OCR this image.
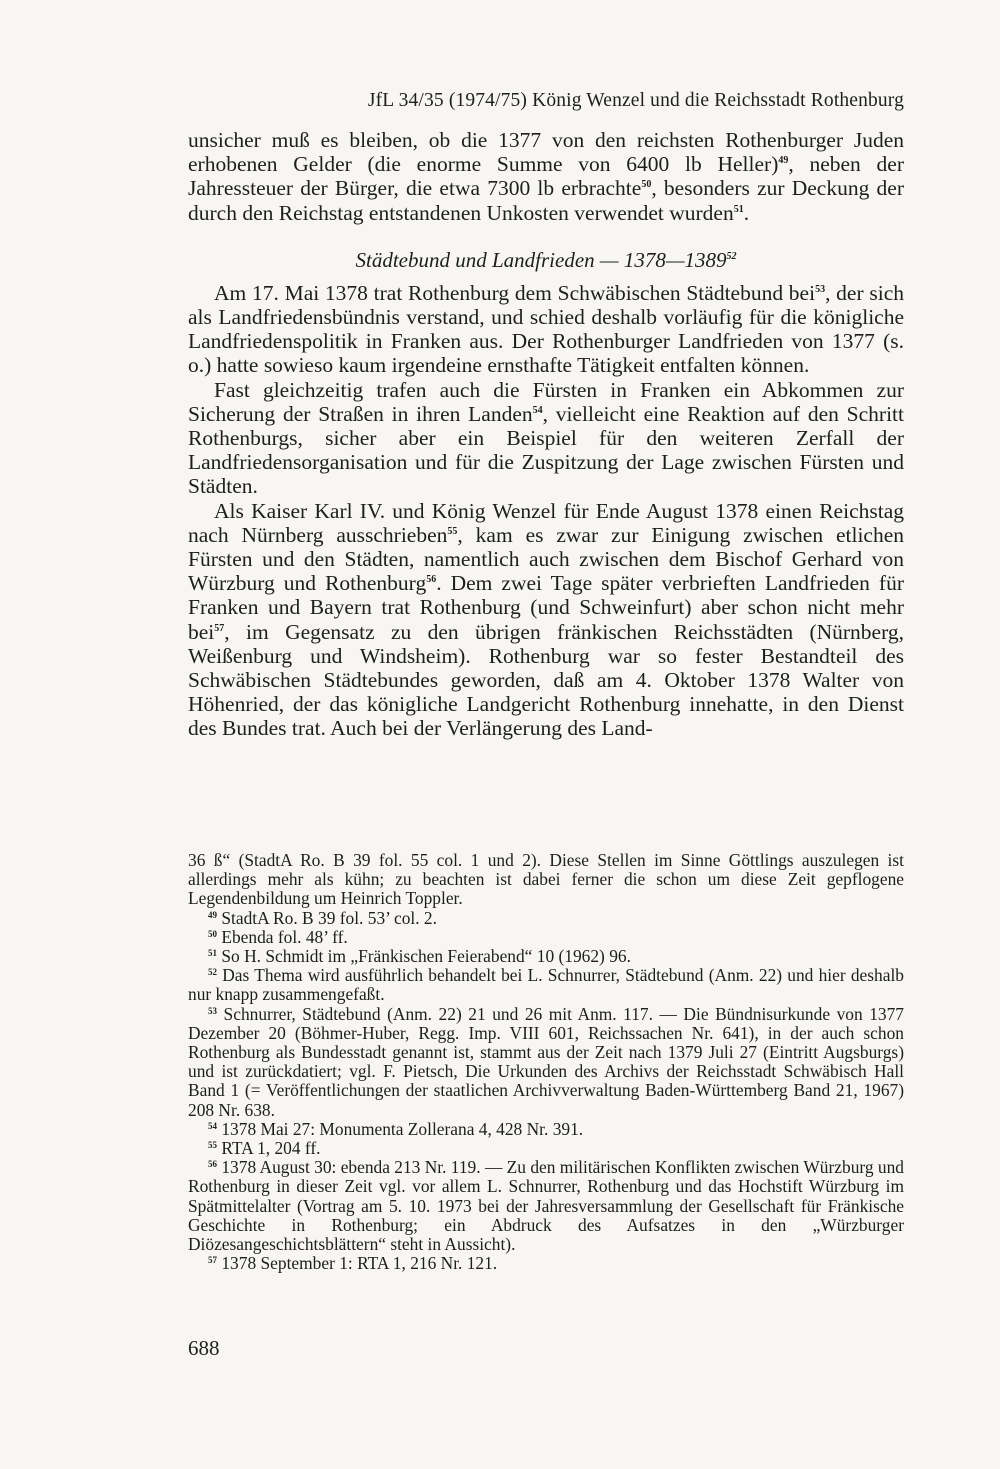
JfL 34/35 (1974/75) König Wenzel und die Reichsstadt Rothenburg

unsicher muß es bleiben, ob die 1377 von den reichsten Rothenburger Juden erhobenen Gelder (die enorme Summe von 6400 lb Heller)$^{49}$, neben der Jahressteuer der Bürger, die etwa 7300 lb erbrachte$^{50}$, besonders zur Deckung der durch den Reichstag entstandenen Unkosten verwendet wurden$^{51}$.

Städtebund und Landfrieden — 1378—1389$^{52}$

Am 17. Mai 1378 trat Rothenburg dem Schwäbischen Städtebund bei$^{53}$, der sich als Landfriedensbündnis verstand, und schied deshalb vorläufig für die königliche Landfriedenspolitik in Franken aus. Der Rothenburger Landfrieden von 1377 (s. o.) hatte sowieso kaum irgendeine ernsthafte Tätigkeit entfalten können.

Fast gleichzeitig trafen auch die Fürsten in Franken ein Abkommen zur Sicherung der Straßen in ihren Landen$^{54}$, vielleicht eine Reaktion auf den Schritt Rothenburgs, sicher aber ein Beispiel für den weiteren Zerfall der Landfriedensorganisation und für die Zuspitzung der Lage zwischen Fürsten und Städten.

Als Kaiser Karl IV. und König Wenzel für Ende August 1378 einen Reichstag nach Nürnberg ausschrieben$^{55}$, kam es zwar zur Einigung zwischen etlichen Fürsten und den Städten, namentlich auch zwischen dem Bischof Gerhard von Würzburg und Rothenburg$^{56}$. Dem zwei Tage später verbrieften Landfrieden für Franken und Bayern trat Rothenburg (und Schweinfurt) aber schon nicht mehr bei$^{57}$, im Gegensatz zu den übrigen fränkischen Reichsstädten (Nürnberg, Weißenburg und Windsheim). Rothenburg war so fester Bestandteil des Schwäbischen Städtebundes geworden, daß am 4. Oktober 1378 Walter von Höhenried, der das königliche Landgericht Rothenburg innehatte, in den Dienst des Bundes trat. Auch bei der Verlängerung des Land-

36 ß“ (StadtA Ro. B 39 fol. 55 col. 1 und 2). Diese Stellen im Sinne Göttlings auszulegen ist allerdings mehr als kühn; zu beachten ist dabei ferner die schon um diese Zeit gepflogene Legendenbildung um Heinrich Toppler.

$^{49}$ StadtA Ro. B 39 fol. 53’ col. 2.

$^{50}$ Ebenda fol. 48’ ff.

$^{51}$ So H. Schmidt im „Fränkischen Feierabend“ 10 (1962) 96.

$^{52}$ Das Thema wird ausführlich behandelt bei L. Schnurrer, Städtebund (Anm. 22) und hier deshalb nur knapp zusammengefaßt.

$^{53}$ Schnurrer, Städtebund (Anm. 22) 21 und 26 mit Anm. 117. — Die Bündnisurkunde von 1377 Dezember 20 (Böhmer-Huber, Regg. Imp. VIII 601, Reichssachen Nr. 641), in der auch schon Rothenburg als Bundesstadt genannt ist, stammt aus der Zeit nach 1379 Juli 27 (Eintritt Augsburgs) und ist zurückdatiert; vgl. F. Pietsch, Die Urkunden des Archivs der Reichsstadt Schwäbisch Hall Band 1 (= Veröffentlichungen der staatlichen Archivverwaltung Baden-Württemberg Band 21, 1967) 208 Nr. 638.

$^{54}$ 1378 Mai 27: Monumenta Zollerana 4, 428 Nr. 391.

$^{55}$ RTA 1, 204 ff.

$^{56}$ 1378 August 30: ebenda 213 Nr. 119. — Zu den militärischen Konflikten zwischen Würzburg und Rothenburg in dieser Zeit vgl. vor allem L. Schnurrer, Rothenburg und das Hochstift Würzburg im Spätmittelalter (Vortrag am 5. 10. 1973 bei der Jahresversammlung der Gesellschaft für Fränkische Geschichte in Rothenburg; ein Abdruck des Aufsatzes in den „Würzburger Diözesangeschichtsblättern“ steht in Aussicht).

$^{57}$ 1378 September 1: RTA 1, 216 Nr. 121.

688
